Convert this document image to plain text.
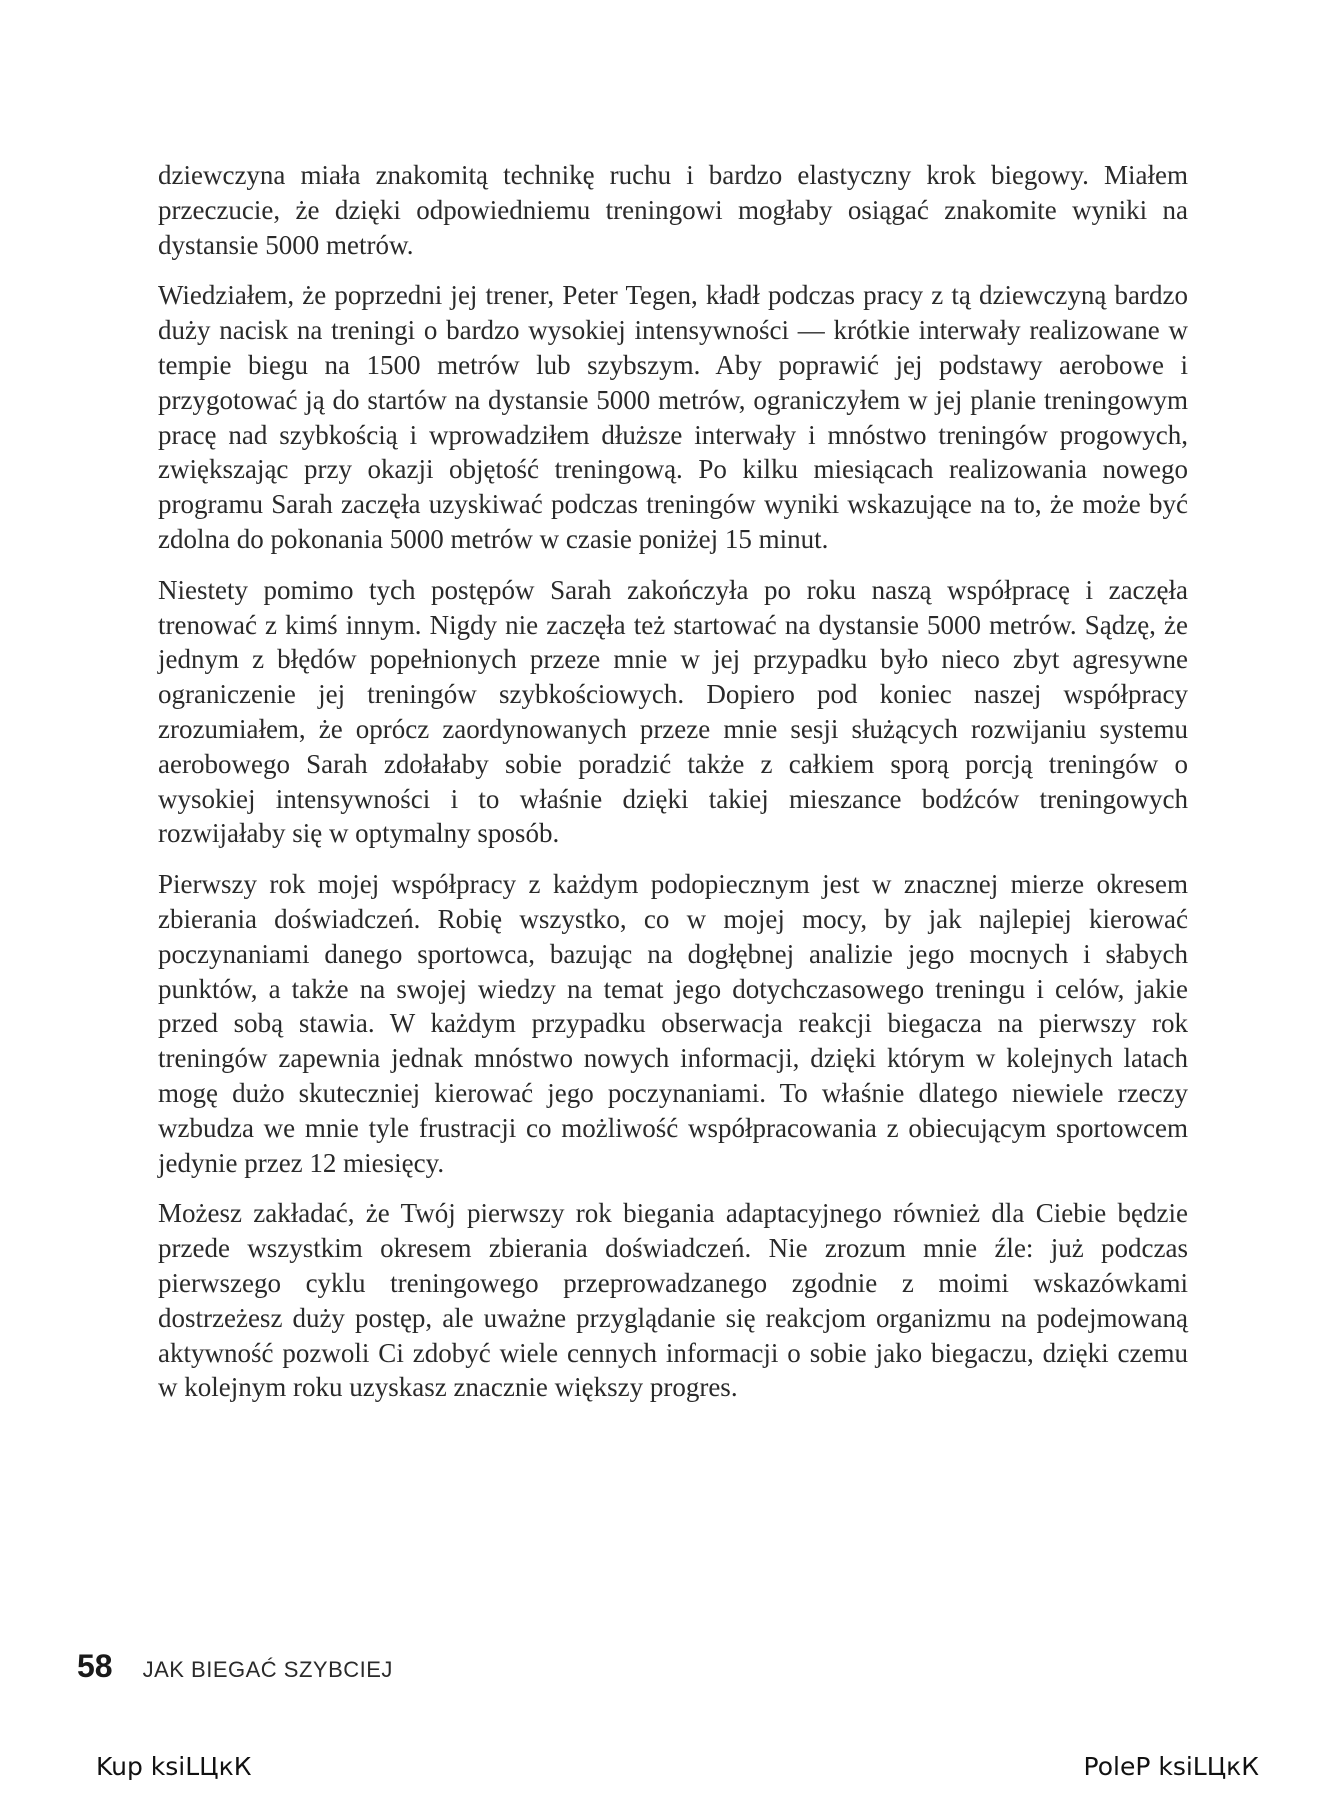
dziewczyna miała znakomitą technikę ruchu i bardzo elastyczny krok biegowy. Miałem przeczucie, że dzięki odpowiedniemu treningowi mogłaby osiągać znakomite wyniki na dystansie 5000 metrów.

Wiedziałem, że poprzedni jej trener, Peter Tegen, kładł podczas pracy z tą dziewczyną bardzo duży nacisk na treningi o bardzo wysokiej intensywności — krótkie interwały realizowane w tempie biegu na 1500 metrów lub szybszym. Aby poprawić jej podstawy aerobowe i przygotować ją do startów na dystansie 5000 metrów, ograniczyłem w jej planie treningowym pracę nad szybkością i wprowadziłem dłuższe interwały i mnóstwo treningów progowych, zwiększając przy okazji objętość treningową. Po kilku miesiącach realizowania nowego programu Sarah zaczęła uzyskiwać podczas treningów wyniki wskazujące na to, że może być zdolna do pokonania 5000 metrów w czasie poniżej 15 minut.

Niestety pomimo tych postępów Sarah zakończyła po roku naszą współpracę i zaczęła trenować z kimś innym. Nigdy nie zaczęła też startować na dystansie 5000 metrów. Sądzę, że jednym z błędów popełnionych przeze mnie w jej przypadku było nieco zbyt agresywne ograniczenie jej treningów szybkościowych. Dopiero pod koniec naszej współpracy zrozumiałem, że oprócz zaordynowanych przeze mnie sesji służących rozwijaniu systemu aerobowego Sarah zdołałaby sobie poradzić także z całkiem sporą porcją treningów o wysokiej intensywności i to właśnie dzięki takiej mieszance bodźców treningowych rozwijałaby się w optymalny sposób.

Pierwszy rok mojej współpracy z każdym podopiecznym jest w znacznej mierze okresem zbierania doświadczeń. Robię wszystko, co w mojej mocy, by jak najlepiej kierować poczynaniami danego sportowca, bazując na dogłębnej analizie jego mocnych i słabych punktów, a także na swojej wiedzy na temat jego dotychczasowego treningu i celów, jakie przed sobą stawia. W każdym przypadku obserwacja reakcji biegacza na pierwszy rok treningów zapewnia jednak mnóstwo nowych informacji, dzięki którym w kolejnych latach mogę dużo skuteczniej kierować jego poczynaniami. To właśnie dlatego niewiele rzeczy wzbudza we mnie tyle frustracji co możliwość współpracowania z obiecującym sportowcem jedynie przez 12 miesięcy.

Możesz zakładać, że Twój pierwszy rok biegania adaptacyjnego również dla Ciebie będzie przede wszystkim okresem zbierania doświadczeń. Nie zrozum mnie źle: już podczas pierwszego cyklu treningowego przeprowadzanego zgodnie z moimi wskazówkami dostrzeżesz duży postęp, ale uważne przyglądanie się reakcjom organizmu na podejmowaną aktywność pozwoli Ci zdobyć wiele cennych informacji o sobie jako biegaczu, dzięki czemu w kolejnym roku uzyskasz znacznie większy progres.

58 JAK BIEGAĆ SZYBCIEJ
Kup ksiLЦкК	PoleP ksiLЦкК
